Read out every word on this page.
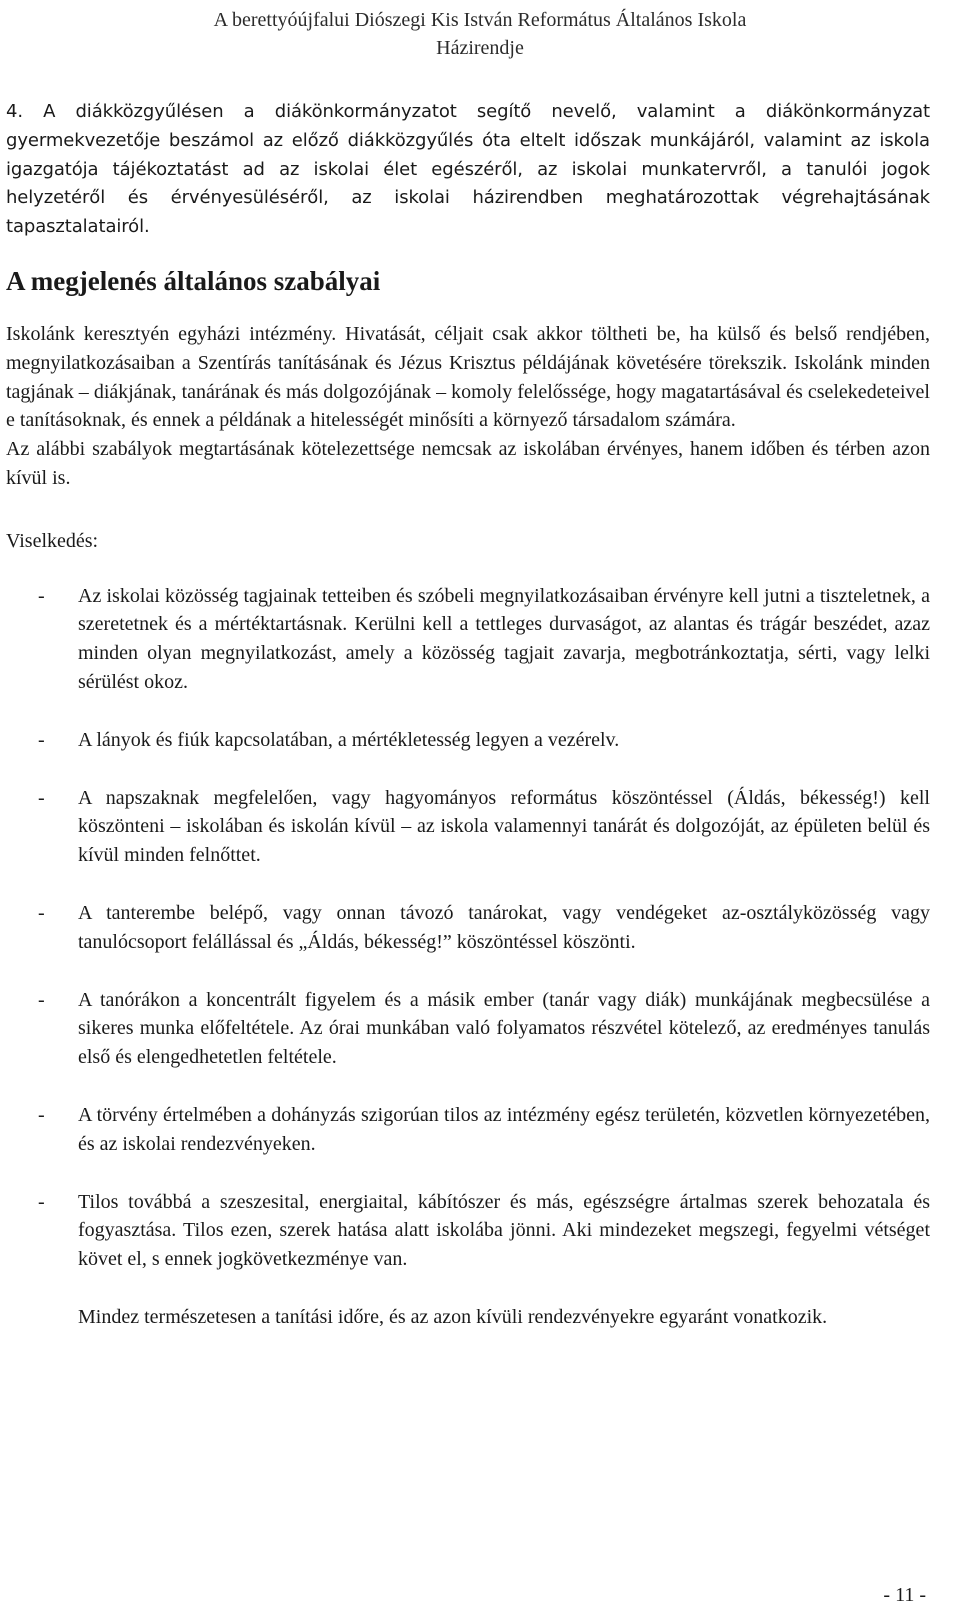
A berettyóújfalui Diószegi Kis István Református Általános Iskola
Házirendje

4. A diákközgyűlésen a diákönkormányzatot segítő nevelő, valamint a diákönkormányzat gyermekvezetője beszámol az előző diákközgyűlés óta eltelt időszak munkájáról, valamint az iskola igazgatója tájékoztatást ad az iskolai élet egészéről, az iskolai munkatervről, a tanulói jogok helyzetéről és érvényesüléséről, az iskolai házirendben meghatározottak végrehajtásának tapasztalatairól.

A megjelenés általános szabályai

Iskolánk keresztyén egyházi intézmény. Hivatását, céljait csak akkor töltheti be, ha külső és belső rendjében, megnyilatkozásaiban a Szentírás tanításának és Jézus Krisztus példájának követésére törekszik. Iskolánk minden tagjának – diákjának, tanárának és más dolgozójának – komoly felelőssége, hogy magatartásával és cselekedeteivel e tanításoknak, és ennek a példának a hitelességét minősíti a környező társadalom számára.

Az alábbi szabályok megtartásának kötelezettsége nemcsak az iskolában érvényes, hanem időben és térben azon kívül is.

Viselkedés:

- Az iskolai közösség tagjainak tetteiben és szóbeli megnyilatkozásaiban érvényre kell jutni a tiszteletnek, a szeretetnek és a mértéktartásnak. Kerülni kell a tettleges durvaságot, az alantas és trágár beszédet, azaz minden olyan megnyilatkozást, amely a közösség tagjait zavarja, megbotránkoztatja, sérti, vagy lelki sérülést okoz.
- A lányok és fiúk kapcsolatában, a mértékletesség legyen a vezérelv.
- A napszaknak megfelelően, vagy hagyományos református köszöntéssel (Áldás, békesség!) kell köszönteni – iskolában és iskolán kívül – az iskola valamennyi tanárát és dolgozóját, az épületen belül és kívül minden felnőttet.
- A tanterembe belépő, vagy onnan távozó tanárokat, vagy vendégeket az-osztályközösség vagy tanulócsoport felállással és „Áldás, békesség!” köszöntéssel köszönti.
- A tanórákon a koncentrált figyelem és a másik ember (tanár vagy diák) munkájának megbecsülése a sikeres munka előfeltétele. Az órai munkában való folyamatos részvétel kötelező, az eredményes tanulás első és elengedhetetlen feltétele.
- A törvény értelmében a dohányzás szigorúan tilos az intézmény egész területén, közvetlen környezetében, és az iskolai rendezvényeken.
- Tilos továbbá a szeszesital, energiaital, kábítószer és más, egészségre ártalmas szerek behozatala és fogyasztása. Tilos ezen, szerek hatása alatt iskolába jönni. Aki mindezeket megszegi, fegyelmi vétséget követ el, s ennek jogkövetkezménye van.

Mindez természetesen a tanítási időre, és az azon kívüli rendezvényekre egyaránt vonatkozik.

- 11 -
